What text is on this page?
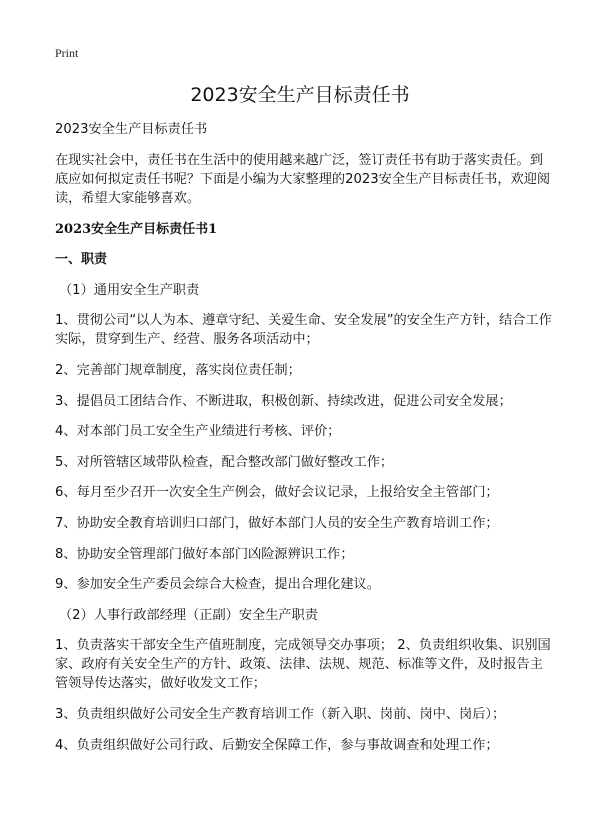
Print
2023安全生产目标责任书

2023安全生产目标责任书

在现实社会中，责任书在生活中的使用越来越广泛，签订责任书有助于落实责任。到底应如何拟定责任书呢？下面是小编为大家整理的2023安全生产目标责任书，欢迎阅读，希望大家能够喜欢。

2023安全生产目标责任书1

一、职责

（1）通用安全生产职责

1、贯彻公司“以人为本、遵章守纪、关爱生命、安全发展”的安全生产方针，结合工作实际，贯穿到生产、经营、服务各项活动中；

2、完善部门规章制度，落实岗位责任制；

3、提倡员工团结合作、不断进取，积极创新、持续改进，促进公司安全发展；

4、对本部门员工安全生产业绩进行考核、评价；

5、对所管辖区域带队检查，配合整改部门做好整改工作；

6、每月至少召开一次安全生产例会，做好会议记录，上报给安全主管部门；

7、协助安全教育培训归口部门，做好本部门人员的安全生产教育培训工作；

8、协助安全管理部门做好本部门凶险源辨识工作；

9、参加安全生产委员会综合大检查，提出合理化建议。

（2）人事行政部经理（正副）安全生产职责

1、负责落实干部安全生产值班制度，完成领导交办事项； 2、负责组织收集、识别国家、政府有关安全生产的方针、政策、法律、法规、规范、标准等文件，及时报告主管领导传达落实，做好收发文工作；

3、负责组织做好公司安全生产教育培训工作（新入职、岗前、岗中、岗后）；

4、负责组织做好公司行政、后勤安全保障工作，参与事故调查和处理工作；
